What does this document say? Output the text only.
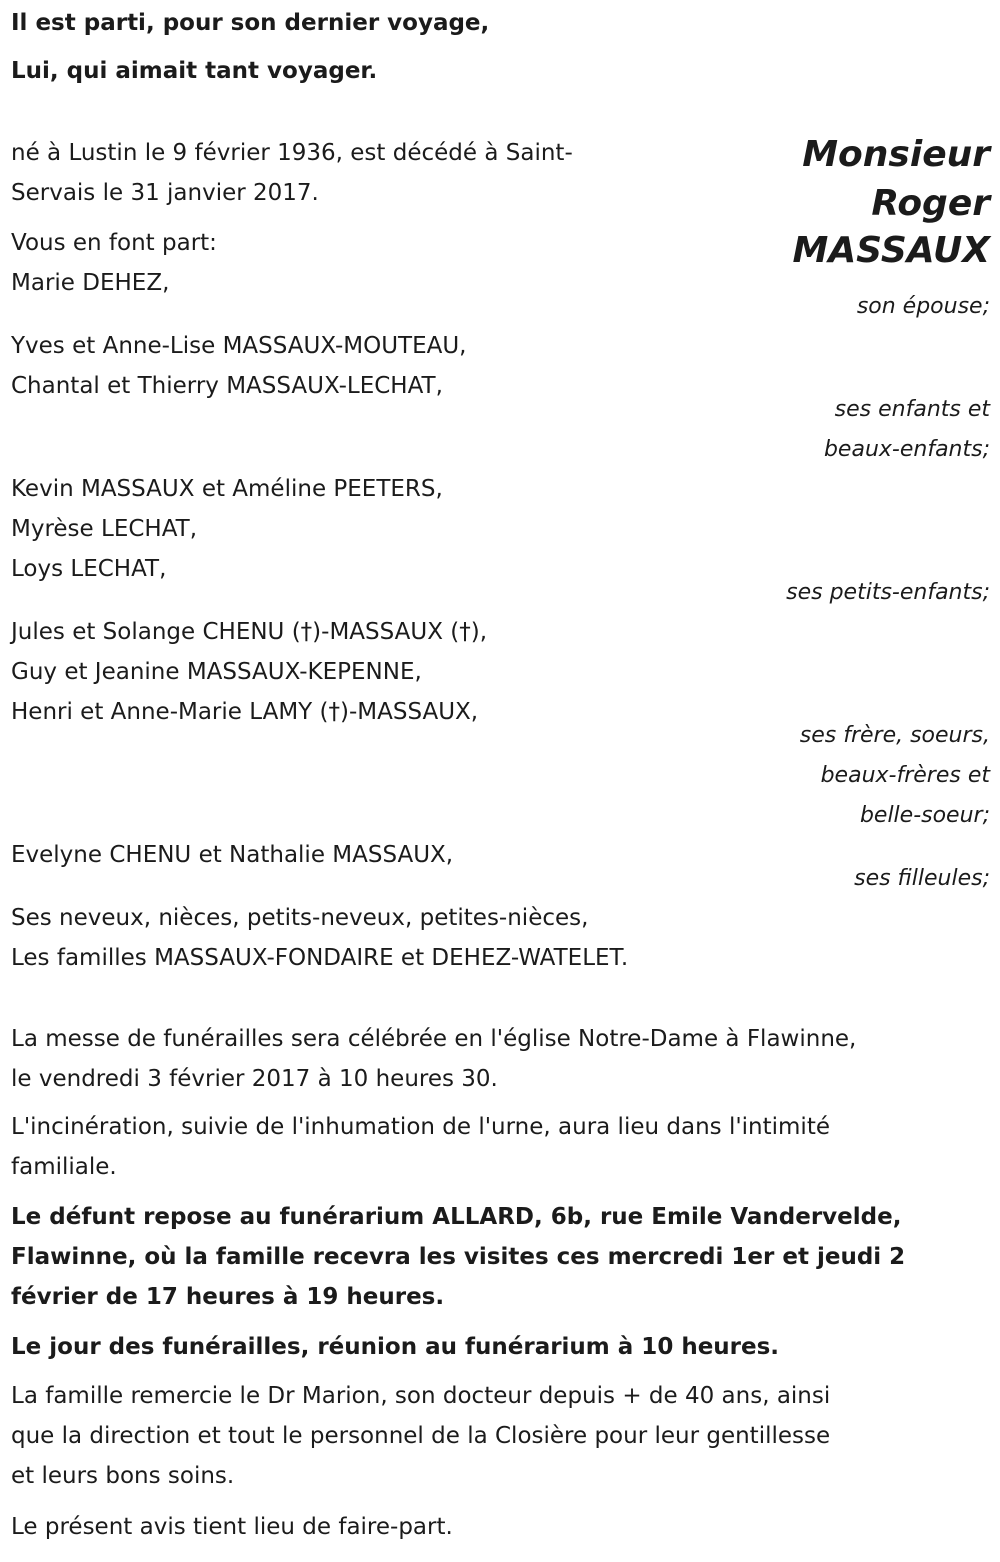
Il est parti, pour son dernier voyage,
Lui, qui aimait tant voyager.
Monsieur
Roger
MASSAUX
né à Lustin le 9 février 1936, est décédé à Saint-
Servais le 31 janvier 2017.
Vous en font part:
Marie DEHEZ,
son épouse;
Yves et Anne-Lise MASSAUX-MOUTEAU,
Chantal et Thierry MASSAUX-LECHAT,
ses enfants et
beaux-enfants;
Kevin MASSAUX et Améline PEETERS,
Myrèse LECHAT,
Loys LECHAT,
ses petits-enfants;
Jules et Solange CHENU (†)-MASSAUX (†),
Guy et Jeanine MASSAUX-KEPENNE,
Henri et Anne-Marie LAMY (†)-MASSAUX,
ses frère, soeurs,
beaux-frères et
belle-soeur;
Evelyne CHENU et Nathalie MASSAUX,
ses filleules;
Ses neveux, nièces, petits-neveux, petites-nièces,
Les familles MASSAUX-FONDAIRE et DEHEZ-WATELET.
La messe de funérailles sera célébrée en l'église Notre-Dame à Flawinne,
le vendredi 3 février 2017 à 10 heures 30.
L'incinération, suivie de l'inhumation de l'urne, aura lieu dans l'intimité
familiale.
Le défunt repose au funérarium ALLARD, 6b, rue Emile Vandervelde,
Flawinne, où la famille recevra les visites ces mercredi 1er et jeudi 2
février de 17 heures à 19 heures.
Le jour des funérailles, réunion au funérarium à 10 heures.
La famille remercie le Dr Marion, son docteur depuis + de 40 ans, ainsi
que la direction et tout le personnel de la Closière pour leur gentillesse
et leurs bons soins.
Le présent avis tient lieu de faire-part.
